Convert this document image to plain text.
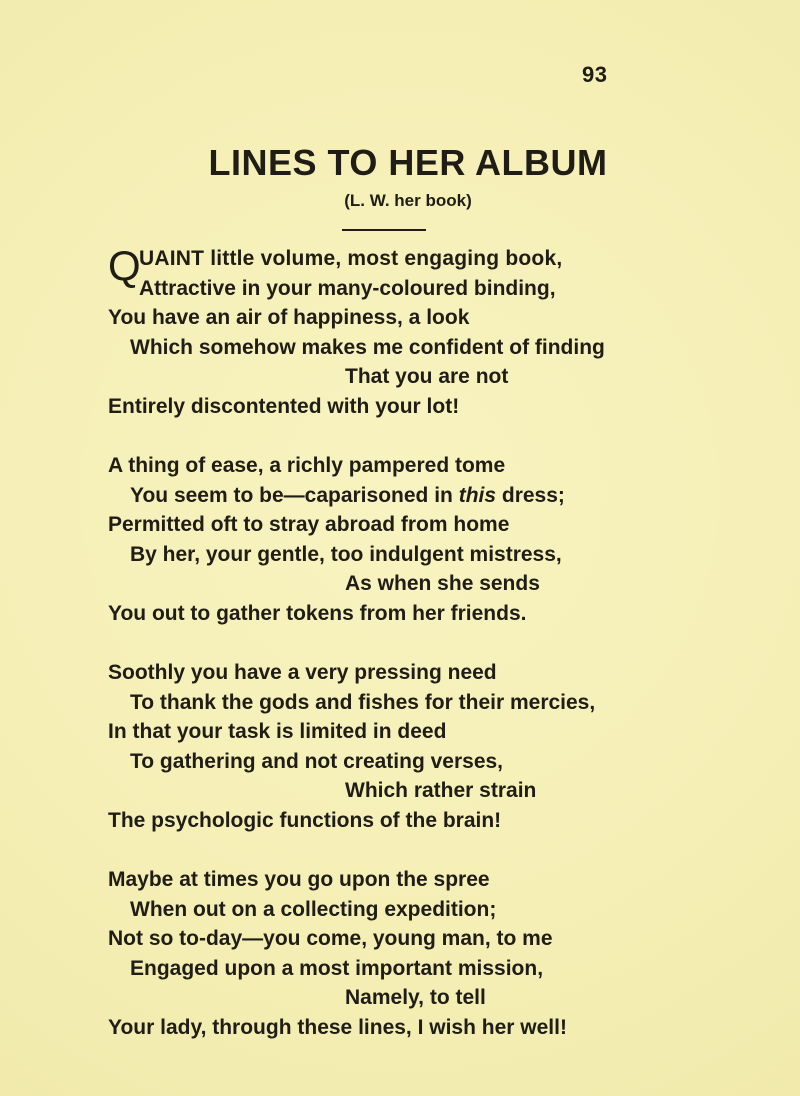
93
LINES TO HER ALBUM
(L. W. her book)
Q
UAINT little volume, most engaging book,
Attractive in your many-coloured binding,
You have an air of happiness, a look
Which somehow makes me confident of finding
That you are not
Entirely discontented with your lot!
A thing of ease, a richly pampered tome
You seem to be—caparisoned in this dress;
Permitted oft to stray abroad from home
By her, your gentle, too indulgent mistress,
As when she sends
You out to gather tokens from her friends.
Soothly you have a very pressing need
To thank the gods and fishes for their mercies,
In that your task is limited in deed
To gathering and not creating verses,
Which rather strain
The psychologic functions of the brain!
Maybe at times you go upon the spree
When out on a collecting expedition;
Not so to-day—you come, young man, to me
Engaged upon a most important mission,
Namely, to tell
Your lady, through these lines, I wish her well!
